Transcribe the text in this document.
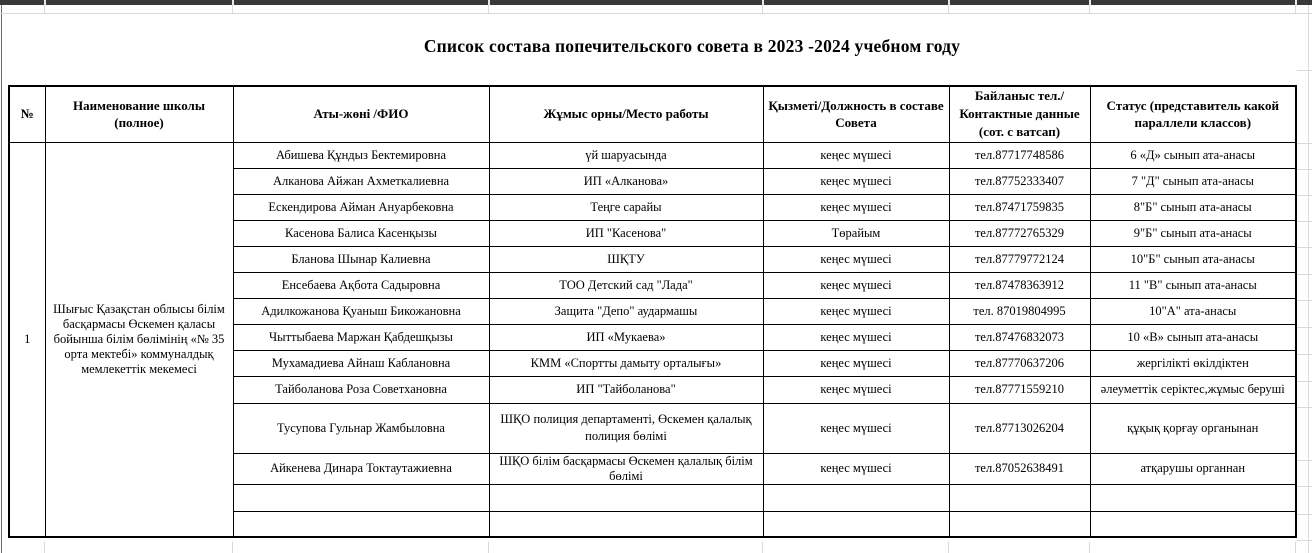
Список состава попечительского совета в 2023 -2024 учебном году
№	Наименование школы (полное)	Аты-жөні /ФИО	Жұмыс орны/Место работы	Қызметі/Должность в составе Совета	Байланыс тел./Контактные данные (сот. с ватсап)	Статус (представитель какой параллели классов)
1	Шығыс Қазақстан облысы білім басқармасы Өскемен қаласы бойынша білім бөлімінің «№ 35 орта мектебі» коммуналдық мемлекеттік мекемесі	Абишева Құндыз Бектемировна	үй шаруасында	кеңес мүшесі	тел.87717748586	6 «Д» сынып ата-анасы
		Алканова Айжан Ахметкалиевна	ИП «Алканова»	кеңес мүшесі	тел.87752333407	7 "Д" сынып ата-анасы
		Ескендирова Айман Ануарбековна	Теңге сарайы	кеңес мүшесі	тел.87471759835	8"Б" сынып ата-анасы
		Касенова Балиса Касенқызы	ИП "Касенова"	Төрайым	тел.87772765329	9"Б" сынып ата-анасы
		Бланова Шынар Калиевна	ШҚТУ	кеңес мүшесі	тел.87779772124	10"Б" сынып ата-анасы
		Енсебаева Ақбота Садыровна	ТОО Детский сад "Лада"	кеңес мүшесі	тел.87478363912	11 "В" сынып ата-анасы
		Адилкожанова Қуаныш Бикожановна	Защита "Депо" аудармашы	кеңес мүшесі	тел. 87019804995	10"А" ата-анасы
		Чыттыбаева Маржан Қабдешқызы	ИП «Мукаева»	кеңес мүшесі	тел.87476832073	10 «В» сынып ата-анасы
		Мухамадиева Айнаш Каблановна	КММ «Спортты дамыту орталығы»	кеңес мүшесі	тел.87770637206	жергілікті өкілдіктен
		Тайболанова Роза Советхановна	ИП "Тайболанова"	кеңес мүшесі	тел.87771559210	әлеуметтік серіктес,жұмыс беруші
		Тусупова Гульнар Жамбыловна	ШҚО полиция департаменті, Өскемен қалалық полиция бөлімі	кеңес мүшесі	тел.87713026204	құқық қорғау органынан
		Айкенева Динара Токтаутажиевна	ШҚО білім басқармасы Өскемен қалалық білім бөлімі	кеңес мүшесі	тел.87052638491	атқарушы органнан
